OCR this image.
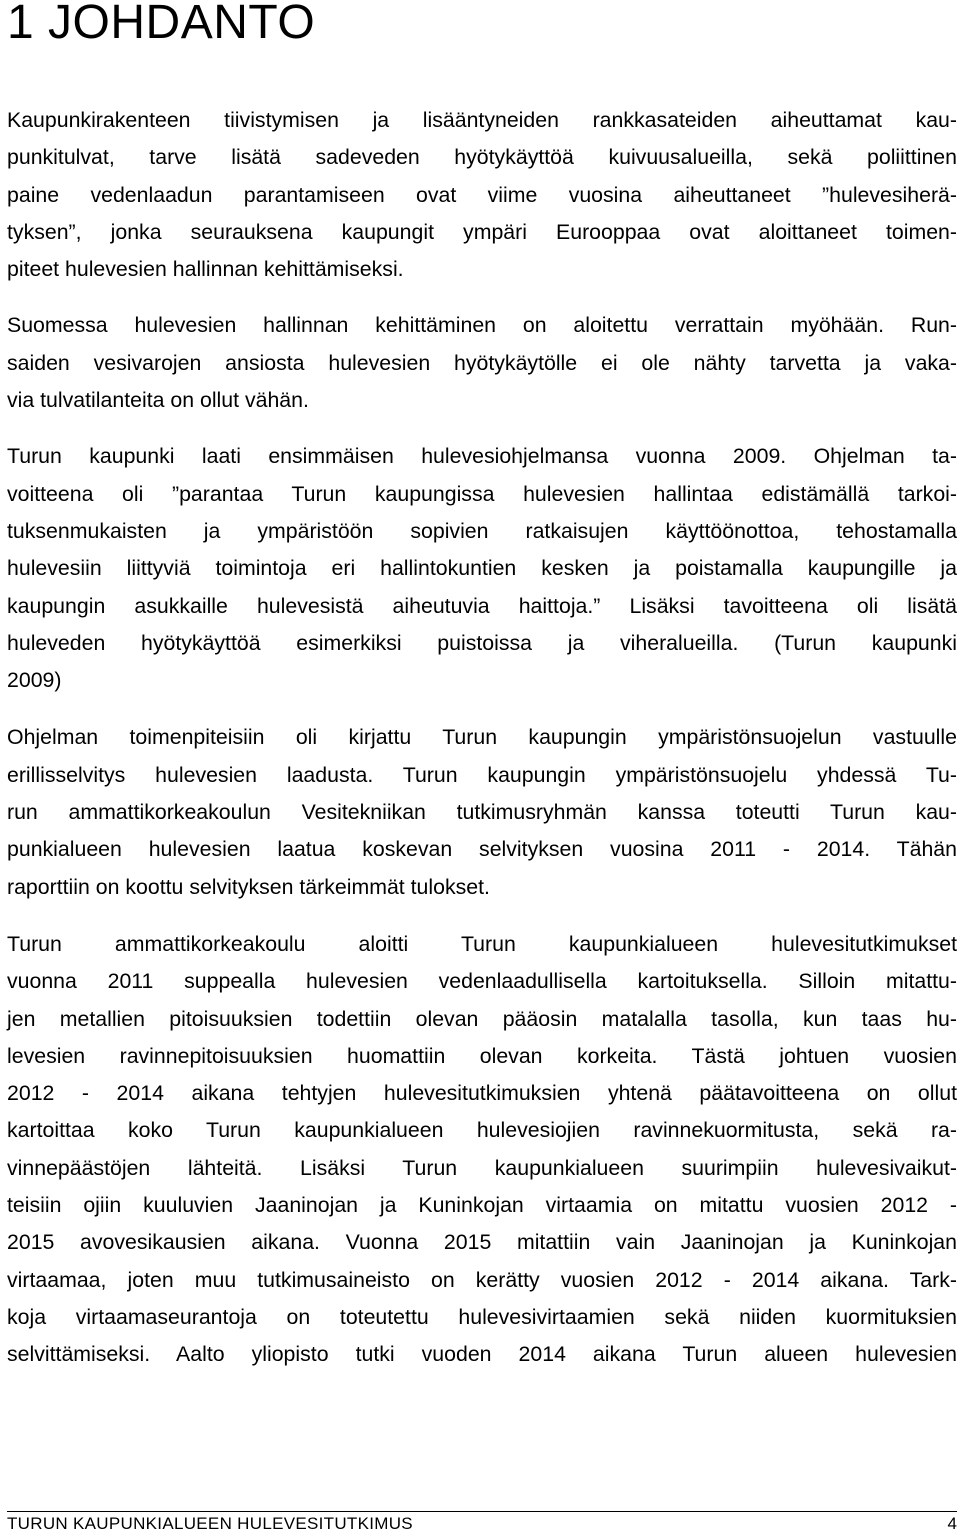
1 JOHDANTO

Kaupunkirakenteen tiivistymisen ja lisääntyneiden rankkasateiden aiheuttamat kau-
punkitulvat, tarve lisätä sadeveden hyötykäyttöä kuivuusalueilla, sekä poliittinen
paine vedenlaadun parantamiseen ovat viime vuosina aiheuttaneet ”hulevesiherä-
tyksen”, jonka seurauksena kaupungit ympäri Eurooppaa ovat aloittaneet toimen-
piteet hulevesien hallinnan kehittämiseksi.

Suomessa hulevesien hallinnan kehittäminen on aloitettu verrattain myöhään. Run-
saiden vesivarojen ansiosta hulevesien hyötykäytölle ei ole nähty tarvetta ja vaka-
via tulvatilanteita on ollut vähän.

Turun kaupunki laati ensimmäisen hulevesiohjelmansa vuonna 2009. Ohjelman ta-
voitteena oli ”parantaa Turun kaupungissa hulevesien hallintaa edistämällä tarkoi-
tuksenmukaisten ja ympäristöön sopivien ratkaisujen käyttöönottoa, tehostamalla
hulevesiin liittyviä toimintoja eri hallintokuntien kesken ja poistamalla kaupungille ja
kaupungin asukkaille hulevesistä aiheutuvia haittoja.” Lisäksi tavoitteena oli lisätä
huleveden hyötykäyttöä esimerkiksi puistoissa ja viheralueilla. (Turun kaupunki
2009)

Ohjelman toimenpiteisiin oli kirjattu Turun kaupungin ympäristönsuojelun vastuulle
erillisselvitys hulevesien laadusta. Turun kaupungin ympäristönsuojelu yhdessä Tu-
run ammattikorkeakoulun Vesitekniikan tutkimusryhmän kanssa toteutti Turun kau-
punkialueen hulevesien laatua koskevan selvityksen vuosina 2011 - 2014. Tähän
raporttiin on koottu selvityksen tärkeimmät tulokset.

Turun ammattikorkeakoulu aloitti Turun kaupunkialueen hulevesitutkimukset
vuonna 2011 suppealla hulevesien vedenlaadullisella kartoituksella. Silloin mitattu-
jen metallien pitoisuuksien todettiin olevan pääosin matalalla tasolla, kun taas hu-
levesien ravinnepitoisuuksien huomattiin olevan korkeita. Tästä johtuen vuosien
2012 - 2014 aikana tehtyjen hulevesitutkimuksien yhtenä päätavoitteena on ollut
kartoittaa koko Turun kaupunkialueen hulevesiojien ravinnekuormitusta, sekä ra-
vinnepäästöjen lähteitä. Lisäksi Turun kaupunkialueen suurimpiin hulevesivaikut-
teisiin ojiin kuuluvien Jaaninojan ja Kuninkojan virtaamia on mitattu vuosien 2012 -
2015 avovesikausien aikana. Vuonna 2015 mitattiin vain Jaaninojan ja Kuninkojan
virtaamaa, joten muu tutkimusaineisto on kerätty vuosien 2012 - 2014 aikana. Tark-
koja virtaamaseurantoja on toteutettu hulevesivirtaamien sekä niiden kuormituksien
selvittämiseksi. Aalto yliopisto tutki vuoden 2014 aikana Turun alueen hulevesien

TURUN KAUPUNKIALUEEN HULEVESITUTKIMUS	4
